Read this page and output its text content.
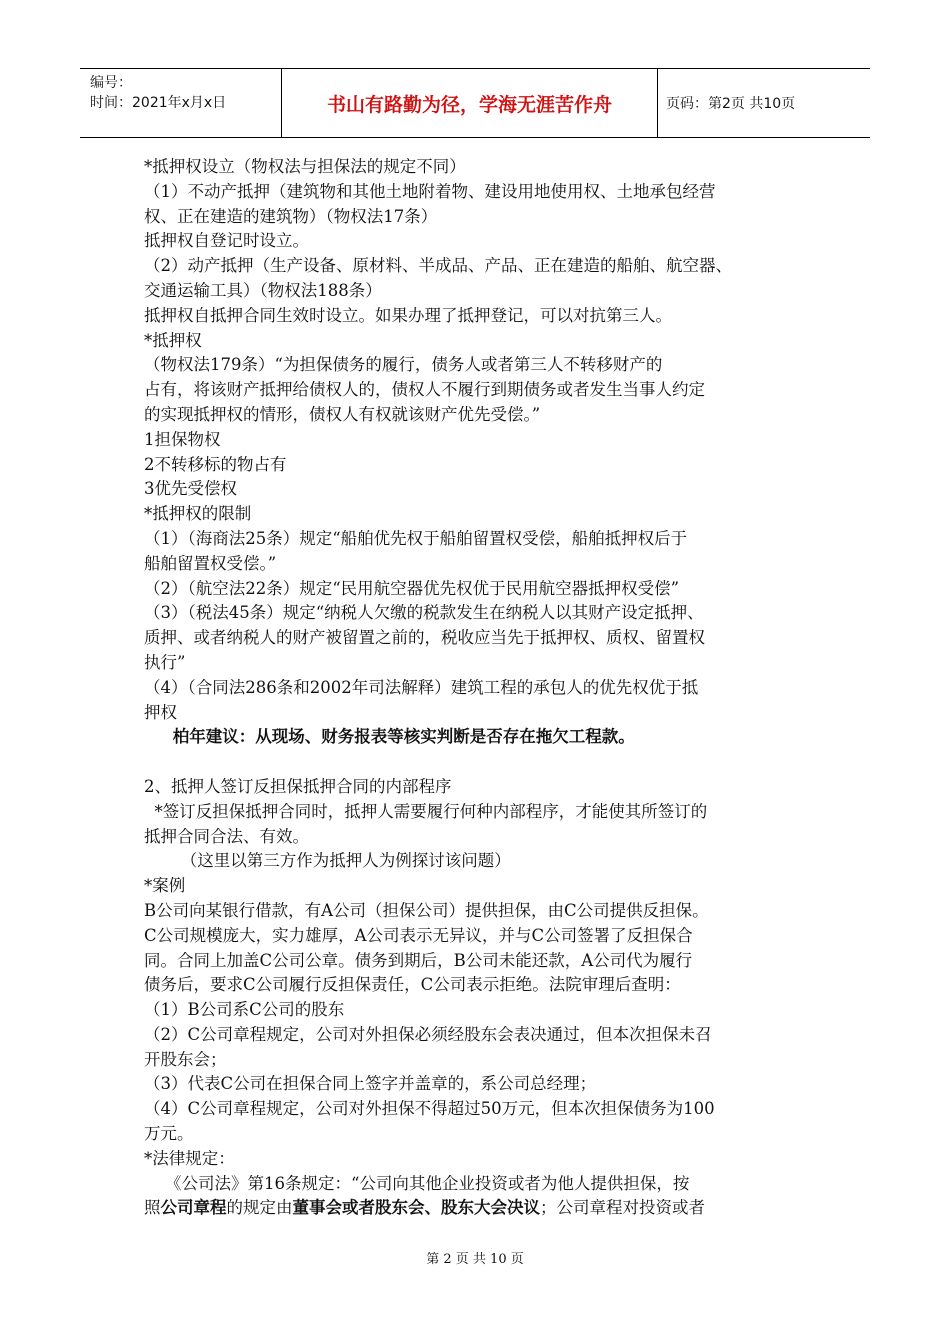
编号：
时间：2021年x月x日	书山有路勤为径，学海无涯苦作舟	页码：第2页 共10页

*抵押权设立（物权法与担保法的规定不同）

（1）不动产抵押（建筑物和其他土地附着物、建设用地使用权、土地承包经营

权、正在建造的建筑物）（物权法17条）

抵押权自登记时设立。

（2）动产抵押（生产设备、原材料、半成品、产品、正在建造的船舶、航空器、

交通运输工具）（物权法188条）

抵押权自抵押合同生效时设立。如果办理了抵押登记，可以对抗第三人。

*抵押权

（物权法179条）“为担保债务的履行，债务人或者第三人不转移财产的

占有，将该财产抵押给债权人的，债权人不履行到期债务或者发生当事人约定

的实现抵押权的情形，债权人有权就该财产优先受偿。”

1担保物权

2不转移标的物占有

3优先受偿权

*抵押权的限制

（1）（海商法25条）规定“船舶优先权于船舶留置权受偿，船舶抵押权后于

船舶留置权受偿。”

（2）（航空法22条）规定“民用航空器优先权优于民用航空器抵押权受偿”

（3）（税法45条）规定“纳税人欠缴的税款发生在纳税人以其财产设定抵押、

质押、或者纳税人的财产被留置之前的，税收应当先于抵押权、质权、留置权

执行”

（4）（合同法286条和2002年司法解释）建筑工程的承包人的优先权优于抵

押权

柏年建议：从现场、财务报表等核实判断是否存在拖欠工程款。

2、抵押人签订反担保抵押合同的内部程序

*签订反担保抵押合同时，抵押人需要履行何种内部程序，才能使其所签订的

抵押合同合法、有效。

（这里以第三方作为抵押人为例探讨该问题）

*案例

B公司向某银行借款，有A公司（担保公司）提供担保，由C公司提供反担保。

C公司规模庞大，实力雄厚，A公司表示无异议，并与C公司签署了反担保合

同。合同上加盖C公司公章。债务到期后，B公司未能还款，A公司代为履行

债务后，要求C公司履行反担保责任，C公司表示拒绝。法院审理后查明：

（1）B公司系C公司的股东

（2）C公司章程规定，公司对外担保必须经股东会表决通过，但本次担保未召

开股东会；

（3）代表C公司在担保合同上签字并盖章的，系公司总经理；

（4）C公司章程规定，公司对外担保不得超过50万元，但本次担保债务为100

万元。

*法律规定：

《公司法》第16条规定：“公司向其他企业投资或者为他人提供担保，按

照公司章程的规定由董事会或者股东会、股东大会决议；公司章程对投资或者

第 2 页 共 10 页
